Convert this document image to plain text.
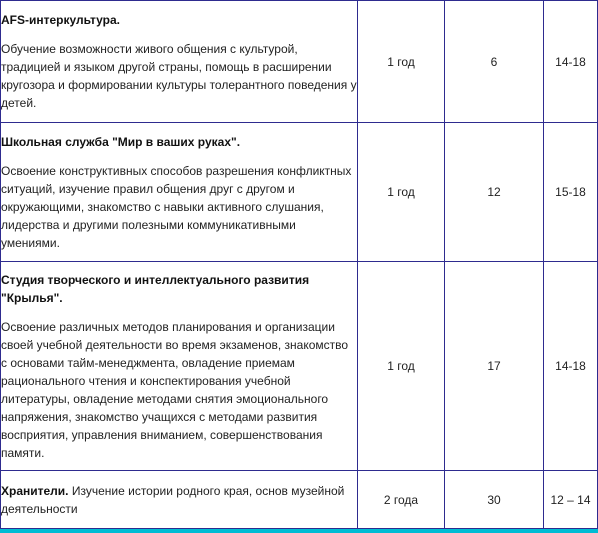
AFS-интеркультура.

Обучение возможности живого общения с культурой, традицией и языком другой страны, помощь в расширении кругозора и формировании культуры толерантного поведения у детей.	1 год	6	14-18

Школьная служба "Мир в ваших руках".

Освоение конструктивных способов разрешения конфликтных ситуаций, изучение правил общения друг с другом и окружающими, знакомство с навыки активного слушания, лидерства и другими полезными коммуникативными умениями.	1 год	12	15-18

Студия творческого и интеллектуального развития "Крылья".

Освоение различных методов планирования и организации своей учебной деятельности во время экзаменов, знакомство с основами тайм-менеджмента, овладение приемам рационального чтения и конспектирования учебной литературы, овладение методами снятия эмоционального напряжения, знакомство учащихся с методами развития восприятия, управления вниманием, совершенствования памяти.	1 год	17	14-18

Хранители. Изучение истории родного края, основ музейной деятельности	2 года	30	12 – 14
